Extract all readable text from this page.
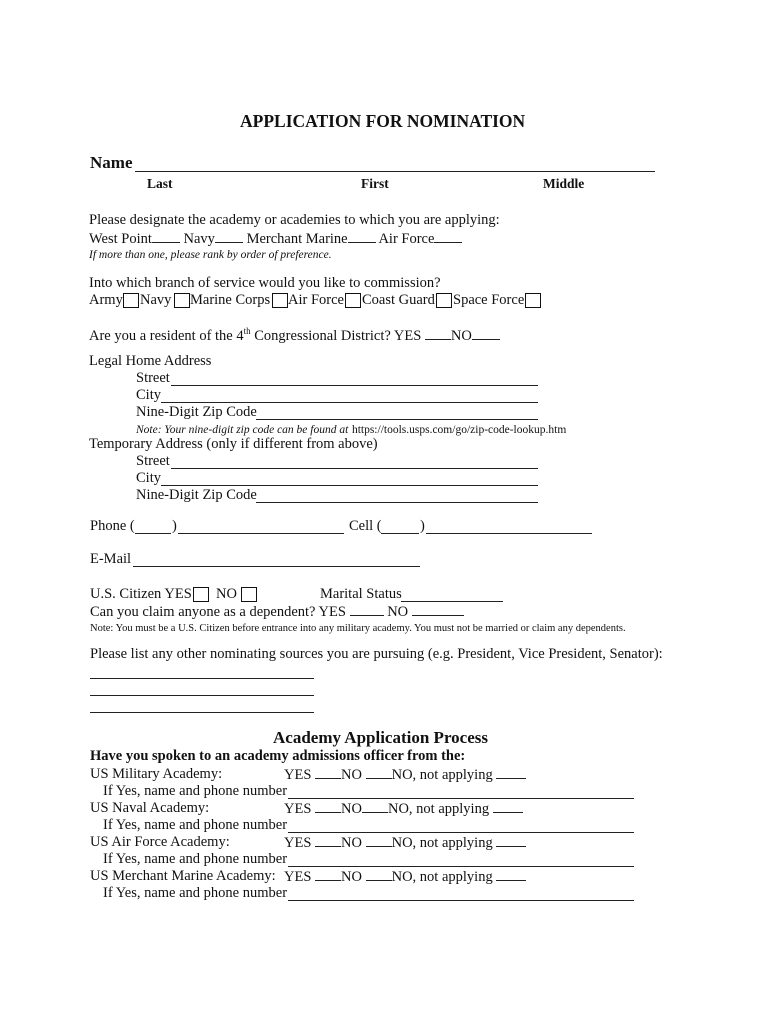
APPLICATION FOR NOMINATION
Name
Last	First	Middle
Please designate the academy or academies to which you are applying:
West Point Navy Merchant Marine Air Force
If more than one, please rank by order of preference.
Into which branch of service would you like to commission?
Army Navy Marine Corps Air Force Coast Guard Space Force
Are you a resident of the 4th Congressional District? YES NO
Legal Home Address
Street
City
Nine-Digit Zip Code
Note: Your nine-digit zip code can be found at https://tools.usps.com/go/zip-code-lookup.htm
Temporary Address (only if different from above)
Street
City
Nine-Digit Zip Code
Phone (	)	Cell (	)
E-Mail
U.S. Citizen YES NO	Marital Status
Can you claim anyone as a dependent? YES	NO
Note: You must be a U.S. Citizen before entrance into any military academy. You must not be married or claim any dependents.
Please list any other nominating sources you are pursuing (e.g. President, Vice President, Senator):
Academy Application Process
Have you spoken to an academy admissions officer from the:
US Military Academy:	YES NO NO, not applying
If Yes, name and phone number
US Naval Academy:	YES NO NO, not applying
If Yes, name and phone number
US Air Force Academy:	YES NO NO, not applying
If Yes, name and phone number
US Merchant Marine Academy: YES NO NO, not applying
If Yes, name and phone number
